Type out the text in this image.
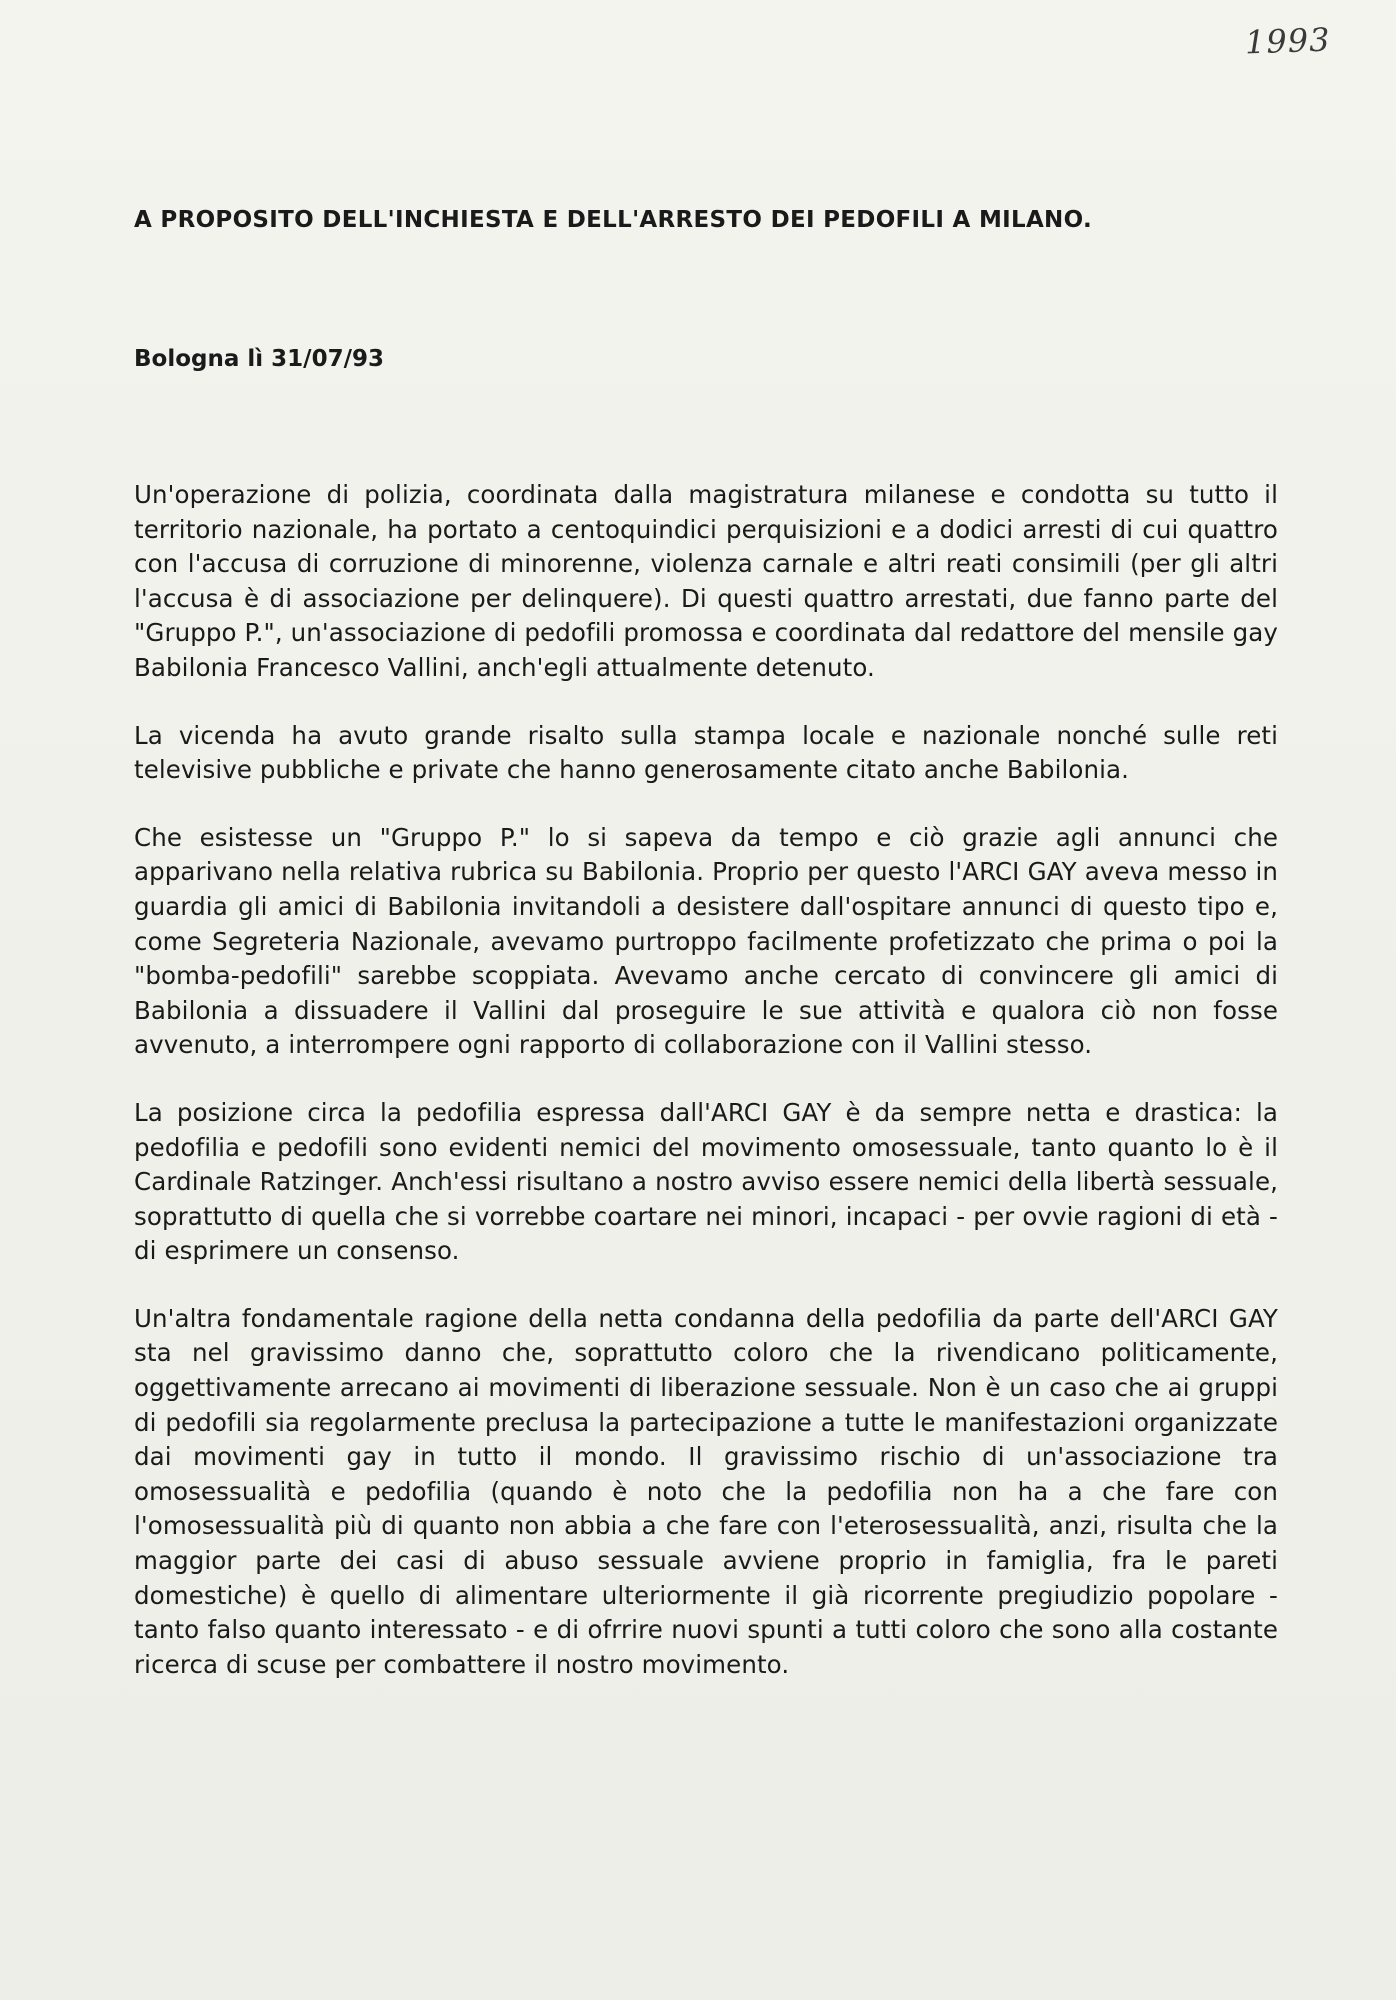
1993
A PROPOSITO DELL'INCHIESTA E DELL'ARRESTO DEI PEDOFILI A MILANO.
Bologna lì 31/07/93

Un'operazione di polizia, coordinata dalla magistratura milanese e condotta su tutto il territorio nazionale, ha portato a centoquindici perquisizioni e a dodici arresti di cui quattro con l'accusa di corruzione di minorenne, violenza carnale e altri reati consimili (per gli altri l'accusa è di associazione per delinquere). Di questi quattro arrestati, due fanno parte del "Gruppo P.", un'associazione di pedofili promossa e coordinata dal redattore del mensile gay Babilonia Francesco Vallini, anch'egli attualmente detenuto.

La vicenda ha avuto grande risalto sulla stampa locale e nazionale nonché sulle reti televisive pubbliche e private che hanno generosamente citato anche Babilonia.

Che esistesse un "Gruppo P." lo si sapeva da tempo e ciò grazie agli annunci che apparivano nella relativa rubrica su Babilonia. Proprio per questo l'ARCI GAY aveva messo in guardia gli amici di Babilonia invitandoli a desistere dall'ospitare annunci di questo tipo e, come Segreteria Nazionale, avevamo purtroppo facilmente profetizzato che prima o poi la "bomba-pedofili" sarebbe scoppiata. Avevamo anche cercato di convincere gli amici di Babilonia a dissuadere il Vallini dal proseguire le sue attività e qualora ciò non fosse avvenuto, a interrompere ogni rapporto di collaborazione con il Vallini stesso.

La posizione circa la pedofilia espressa dall'ARCI GAY è da sempre netta e drastica: la pedofilia e pedofili sono evidenti nemici del movimento omosessuale, tanto quanto lo è il Cardinale Ratzinger. Anch'essi risultano a nostro avviso essere nemici della libertà sessuale, soprattutto di quella che si vorrebbe coartare nei minori, incapaci - per ovvie ragioni di età - di esprimere un consenso.

Un'altra fondamentale ragione della netta condanna della pedofilia da parte dell'ARCI GAY sta nel gravissimo danno che, soprattutto coloro che la rivendicano politicamente, oggettivamente arrecano ai movimenti di liberazione sessuale. Non è un caso che ai gruppi di pedofili sia regolarmente preclusa la partecipazione a tutte le manifestazioni organizzate dai movimenti gay in tutto il mondo. Il gravissimo rischio di un'associazione tra omosessualità e pedofilia (quando è noto che la pedofilia non ha a che fare con l'omosessualità più di quanto non abbia a che fare con l'eterosessualità, anzi, risulta che la maggior parte dei casi di abuso sessuale avviene proprio in famiglia, fra le pareti domestiche) è quello di alimentare ulteriormente il già ricorrente pregiudizio popolare - tanto falso quanto interessato - e di ofrrire nuovi spunti a tutti coloro che sono alla costante ricerca di scuse per combattere il nostro movimento.
